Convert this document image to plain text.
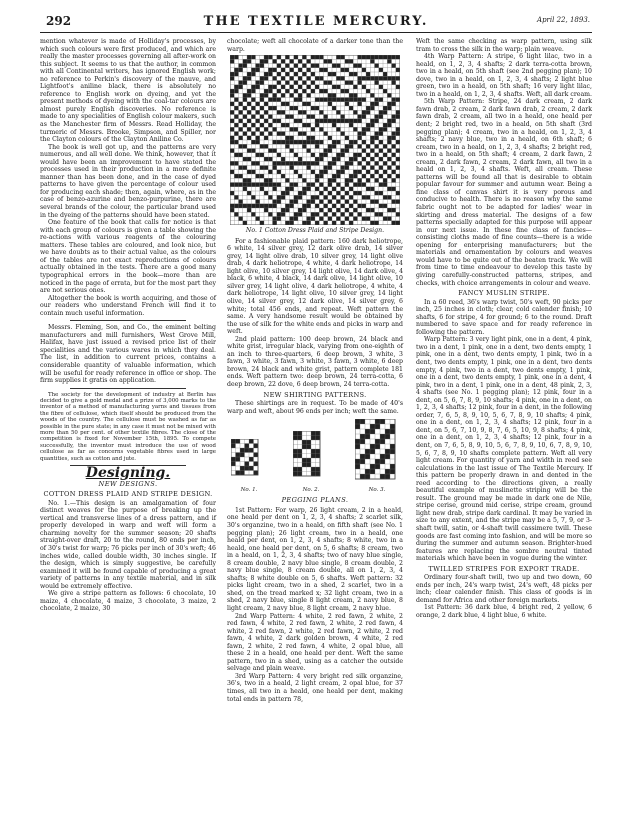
292	THE TEXTILE MERCURY.	April 22, 1893.

mention whatever is made of Holliday's processes, by which such colours were first produced, and which are really the master processes governing all after-work on this subject. It seems to us that the author, in common with all Continental writers, has ignored English work; no reference to Perkin's discovery of the mauve, and Lightfoot's aniline black, there is absolutely no reference to English work on dyeing, and yet the present methods of dyeing with the coal-tar colours are almost purely English discoveries. No reference is made to any specialities of English colour makers, such as the Manchester firm of Messrs. Read Holliday, the turmeric of Messrs. Brooke, Simpson, and Spiller, nor the Clayton colours of the Clayton Aniline Co.

The book is well got up, and the patterns are very numerous, and all well done. We think, however, that it would have been an improvement to have stated the processes used in their production in a more definite manner than has been done, and in the case of dyed patterns to have given the percentage of colour used for producing each shade; then, again, where, as in the case of benzo-azurine and benzo-purpurine, there are several brands of the colour, the particular brand used in the dyeing of the patterns should have been stated.

One feature of the book that calls for notice is that with each group of colours is given a table showing the re-actions with various reagents of the colouring matters. These tables are coloured, and look nice, but we have doubts as to their actual value, as the colours of the tables are not exact reproductions of colours actually obtained in the tests. There are a good many typographical errors in the book—more than are noticed in the page of errata, but for the most part they are not serious ones.

Altogether the book is worth acquiring, and those of our readers who understand French will find it to contain much useful information.

Messrs. Fleming, Son, and Co., the eminent belting manufacturers and mill furnishers, West Grove Mill, Halifax, have just issued a revised price list of their specialities and the various wares in which they deal. The list, in addition to current prices, contains a considerable quantity of valuable information, which will be useful for ready reference in office or shop. The firm supplies it gratis on application.

The society for the development of industry at Berlin has decided to give a gold medal and a prize of 3,000 marks to the inventor of a method of manufacturing yarns and tissues from the fibre of cellulose, which itself should be produced from the woods of the country. The cellulose must be washed as far as possible in the pure state; in any case it must not be mixed with more than 50 per cent. of other textile fibres. The close of the competition is fixed for November 15th, 1895. To compete successfully, the inventor must introduce the use of wood cellulose as far as concerns vegetable fibres used in large quantities, such as cotton and jute.

Designing.
NEW DESIGNS.
COTTON DRESS PLAID AND STRIPE DESIGN.

No. 1.—This design is an amalgamation of four distinct weaves for the purpose of breaking up the vertical and transverse lines of a dress pattern, and if properly developed in warp and weft will form a charming novelty for the summer season; 20 shafts straight-over draft, 20 to the round, 80 ends per inch, of 30's twist for warp; 76 picks per inch of 30's weft; 46 inches wide, called double width, 30 inches single. If the design, which is simply suggestive, be carefully examined it will be found capable of producing a great variety of patterns in any textile material, and in silk would be extremely effective.

We give a stripe pattern as follows: 6 chocolate, 10 maize, 4 chocolate, 4 maize, 3 chocolate, 3 maize, 2 chocolate, 2 maize, 30

chocolate; weft all chocolate of a darker tone than the warp.

No. 1 Cotton Dress Plaid and Stripe Design.

For a fashionable plaid pattern: 160 dark heliotrope, 6 white, 14 silver grey, 12 dark olive drab, 14 silver grey, 14 light olive drab, 10 silver grey, 14 light olive drab, 4 dark heliotrope, 4 white, 4 dark heliotrope, 14 light olive, 10 silver grey, 14 light olive, 14 dark olive, 4 black, 6 white, 4 black, 14 dark olive, 14 light olive, 10 silver grey, 14 light olive, 4 dark heliotrope, 4 white, 4 dark heliotrope, 14 light olive, 10 silver grey, 14 light olive, 14 silver grey, 12 dark olive, 14 silver grey, 6 white; total 456 ends, and repeat. Weft pattern the same. A very handsome result would be obtained by the use of silk for the white ends and picks in warp and weft.

2nd plaid pattern: 100 deep brown, 24 black and white grist, irregular black, varying from one-eighth of an inch to three-quarters, 6 deep brown, 3 white, 3 fawn, 3 white, 3 fawn, 3 white, 3 fawn, 3 white, 6 deep brown, 24 black and white grist, pattern complete 181 ends. Weft pattern two: deep brown, 24 terra-cotta, 6 deep brown, 22 dove, 6 deep brown, 24 terra-cotta.

NEW SHIRTING PATTERNS.

These shirtings are in request. To be made of 40's warp and weft, about 96 ends per inch; weft the same.

No. 1.	No. 2.	No. 3.
PEGGING PLANS.

1st Pattern: For warp, 26 light cream, 2 in a heald, one heald per dent on 1, 2, 3, 4 shafts; 2 scarlet silk, 30's organzine, two in a heald, on fifth shaft (see No. 1 pegging plan); 26 light cream, two in a heald, one heald per dent, on 1, 2, 3, 4 shafts; 8 white, two in a heald, one heald per dent, on 5, 6 shafts; 8 cream, two in a heald, on 1, 2, 3, 4 shafts; two of navy blue single, 8 cream double, 2 navy blue single, 8 cream double, 2 navy blue single, 8 cream double, all on 1, 2, 3, 4 shafts; 8 white double on 5, 6 shafts. Weft pattern: 32 picks light cream, two in a shed, 2 scarlet, two in a shed, on the tread marked x; 32 light cream, two in a shed, 2 navy blue, single 8 light cream, 2 navy blue, 8 light cream, 2 navy blue, 8 light cream, 2 navy blue.

2nd Warp Pattern: 4 white, 2 red fawn, 2 white, 2 red fawn, 4 white, 2 red fawn, 2 white, 2 red fawn, 4 white, 2 red fawn, 2 white, 2 red fawn, 2 white, 2 red fawn, 4 white, 2 dark golden brown, 4 white, 2 red fawn, 2 white, 2 red fawn, 4 white, 2 opal blue, all these 2 in a heald, one heald per dent. Weft the same pattern, two in a shed, using as a catcher the outside selvage and plain weave.

3rd Warp Pattern: 4 very bright red silk organzine, 36's, two in a heald, 2 light cream, 2 opal blue, for 37 times, all two in a heald, one heald per dent, making total ends in pattern 78,

Weft the same checking as warp pattern, using silk tram to cross the silk in the warp; plain weave.

4th Warp Pattern: A stripe, 6 light lilac, two in a heald, on 1, 2, 3, 4 shafts; 2 dark terra-cotta brown, two in a heald, on 5th shaft (see 2nd pegging plan); 10 dove, two in a heald, on 1, 2, 3, 4 shafts; 2 light blue green, two in a heald, on 5th shaft; 16 very light lilac, two in a heald, on 1, 2, 3, 4 shafts. Weft, all dark cream.

5th Warp Pattern: Stripe, 24 dark cream, 2 dark fawn drab, 2 cream, 2 dark fawn drab, 2 cream, 2 dark fawn drab, 2 cream, all two in a heald, one heald per dent; 2 bright red, two in a heald, on 5th shaft (3rd pegging plan); 4 cream, two in a heald, on 1, 2, 3, 4 shafts; 2 navy blue, two in a heald, on 6th shaft; 6 cream, two in a heald, on 1, 2, 3, 4 shafts; 2 bright red, two in a heald, on 5th shaft; 4 cream, 2 dark fawn, 2 cream, 2 dark fawn, 2 cream, 2 dark fawn, all two in a heald on 1, 2, 3, 4 shafts. Weft, all cream. These patterns will be found all that is desirable to obtain popular favour for summer and autumn wear. Being a fine class of canvas shirt it is very porous and conducive to health. There is no reason why the same fabric ought not to be adapted for ladies' wear in skirting and dress material. The designs of a few patterns specially adapted for this purpose will appear in our next issue. In these fine class of fancies—consisting cloths made of fine counts—there is a wide opening for enterprising manufacturers; but the materials and ornamentation by colours and weaves would have to be quite out of the beaten track. We will from time to time endeavour to develop this taste by giving carefully-constructed patterns, stripes, and checks, with choice arrangements in colour and weave.

FANCY MUSLIN STRIPE.

In a 60 reed, 36's warp twist, 50's weft, 90 picks per inch, 25 inches in cloth; clear, cold calender finish; 10 shafts, 6 for stripe, 4 for ground; 6 to the round. Draft numbered to save space and for ready reference in following the pattern.

Warp Pattern: 3 very light pink, one in a dent, 4 pink, two in a dent, 1 pink, one in a dent, two dents empty, 1 pink, one in a dent, two dents empty, 1 pink, two in a dent, two dents empty, 1 pink, one in a dent, two dents empty, 4 pink, two in a dent, two dents empty, 1 pink, one in a dent, two dents empty, 1 pink, one in a dent, 4 pink, two in a dent, 1 pink, one in a dent, 48 pink, 2, 3, 4 shafts (see No. 1 pegging plan); 12 pink, four in a dent, on 5, 6, 7, 8, 9, 10 shafts; 4 pink, one in a dent, on 1, 2, 3, 4 shafts; 12 pink, four in a dent, in the following order, 7, 6, 5, 8, 9, 10, 5, 6, 7, 8, 9, 10 shafts; 4 pink, one in a dent, on 1, 2, 3, 4 shafts; 12 pink, four in a dent, on 5, 6, 7, 10, 9, 8, 7, 6, 5, 10, 9, 8 shafts; 4 pink, one in a dent, on 1, 2, 3, 4 shafts; 12 pink, four in a dent, on 7, 6, 5, 8, 9, 10, 5, 6, 7, 8, 9, 10, 6, 7, 8, 9, 10, 5, 6, 7, 8, 9, 10 shafts complete pattern. Weft all very light cream. For quantity of yarn and width in reed see calculations in the last issue of The Textile Mercury. If this pattern be properly drawn in and dented in the reed according to the directions given, a really beautiful example of muslinette striping will be the result. The ground may be made in dark one de Nile, stripe cerise, ground mid cerise, stripe cream, ground light new drab, stripe dark cardinal. It may be varied in size to any extent, and the stripe may be a 5, 7, 9, or 3-shaft twill, satin, or 4-shaft twill cassimere twill. These goods are fast coming into fashion, and will be more so during the summer and autumn season. Brighter-hued features are replacing the sombre neutral tinted materials which have been in vogue during the winter.

TWILLED STRIPES FOR EXPORT TRADE.

Ordinary four-shaft twill, two up and two down, 60 ends per inch, 24's warp twist, 24's weft, 48 picks per inch; clear calender finish. This class of goods is in demand for Africa and other foreign markets.

1st Pattern: 36 dark blue, 4 bright red, 2 yellow, 6 orange, 2 dark blue, 4 light blue, 6 white.
